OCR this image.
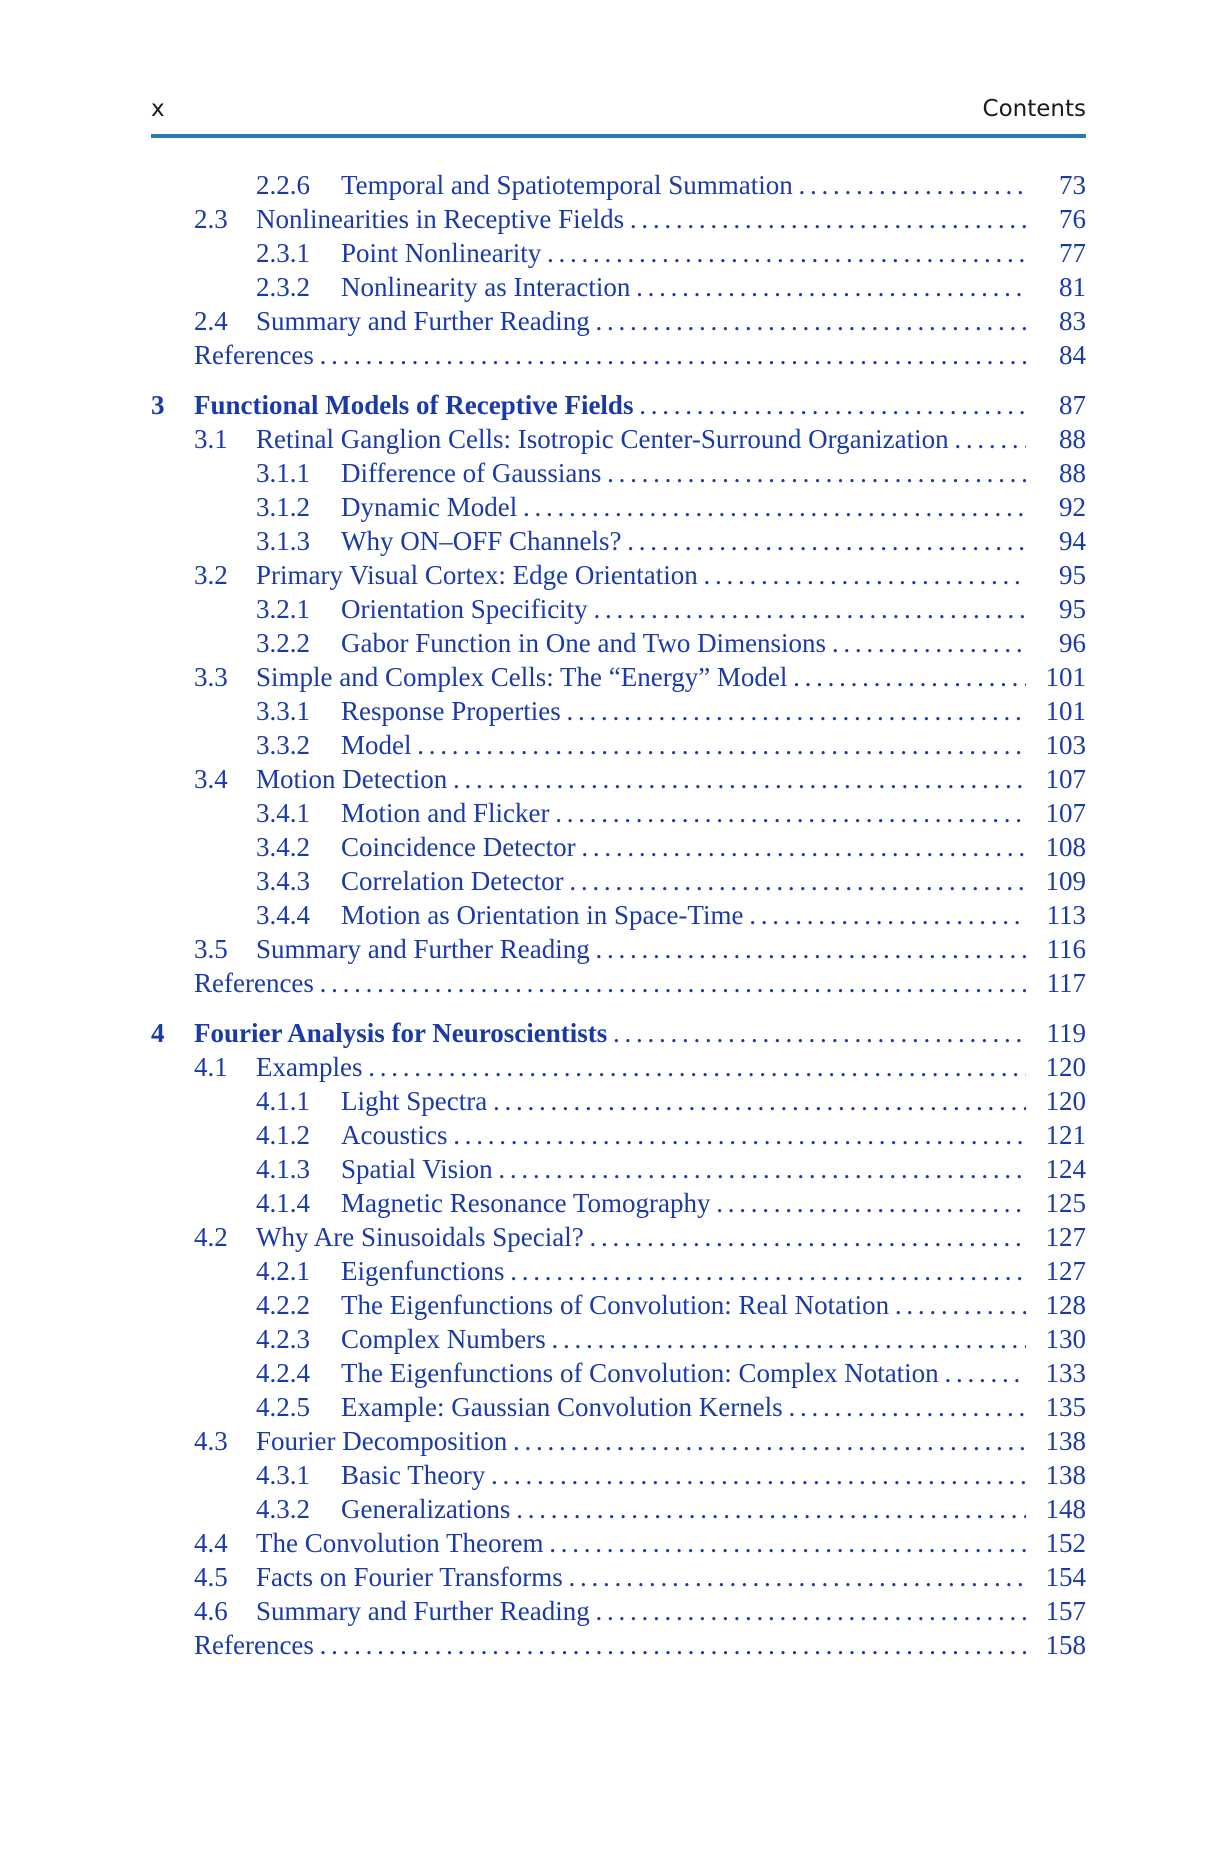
x	Contents
2.2.6 Temporal and Spatiotemporal Summation . . .	73
2.3 Nonlinearities in Receptive Fields . . .	76
2.3.1 Point Nonlinearity . . .	77
2.3.2 Nonlinearity as Interaction . . .	81
2.4 Summary and Further Reading . . .	83
References . . .	84
3 Functional Models of Receptive Fields . . .	87
3.1 Retinal Ganglion Cells: Isotropic Center-Surround Organization . . .	88
3.1.1 Difference of Gaussians . . .	88
3.1.2 Dynamic Model . . .	92
3.1.3 Why ON–OFF Channels? . . .	94
3.2 Primary Visual Cortex: Edge Orientation . . .	95
3.2.1 Orientation Specificity . . .	95
3.2.2 Gabor Function in One and Two Dimensions . . .	96
3.3 Simple and Complex Cells: The “Energy” Model . . .	101
3.3.1 Response Properties . . .	101
3.3.2 Model . . .	103
3.4 Motion Detection . . .	107
3.4.1 Motion and Flicker . . .	107
3.4.2 Coincidence Detector . . .	108
3.4.3 Correlation Detector . . .	109
3.4.4 Motion as Orientation in Space-Time . . .	113
3.5 Summary and Further Reading . . .	116
References . . .	117
4 Fourier Analysis for Neuroscientists . . .	119
4.1 Examples . . .	120
4.1.1 Light Spectra . . .	120
4.1.2 Acoustics . . .	121
4.1.3 Spatial Vision . . .	124
4.1.4 Magnetic Resonance Tomography . . .	125
4.2 Why Are Sinusoidals Special? . . .	127
4.2.1 Eigenfunctions . . .	127
4.2.2 The Eigenfunctions of Convolution: Real Notation . . .	128
4.2.3 Complex Numbers . . .	130
4.2.4 The Eigenfunctions of Convolution: Complex Notation . . .	133
4.2.5 Example: Gaussian Convolution Kernels . . .	135
4.3 Fourier Decomposition . . .	138
4.3.1 Basic Theory . . .	138
4.3.2 Generalizations . . .	148
4.4 The Convolution Theorem . . .	152
4.5 Facts on Fourier Transforms . . .	154
4.6 Summary and Further Reading . . .	157
References . . .	158
